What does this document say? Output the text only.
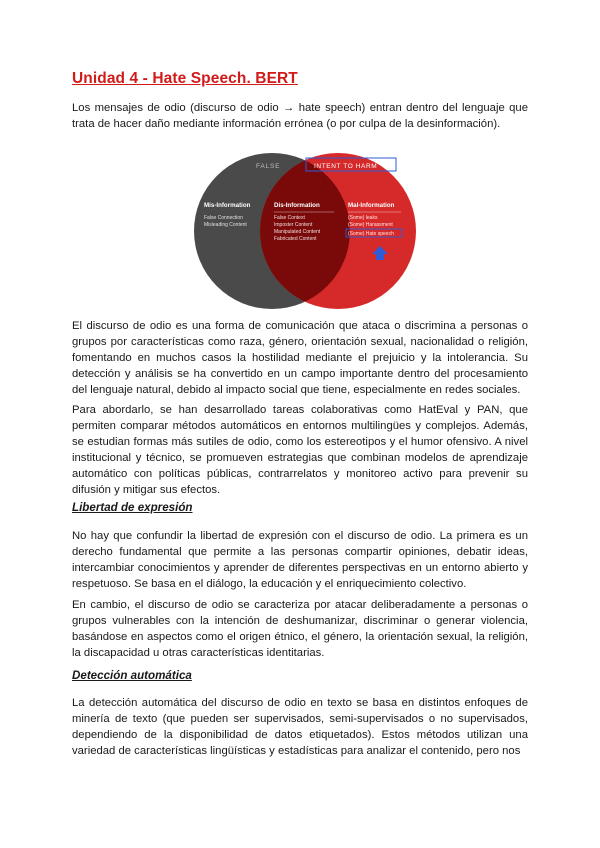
Unidad 4 - Hate Speech. BERT

Los mensajes de odio (discurso de odio → hate speech) entran dentro del lenguaje que trata de hacer daño mediante información errónea (o por culpa de la desinformación).

FALSE	INTENT TO HARM
Mis-Information
False Connection
Misleading Content
Dis-Information
False Context
Imposter Content
Manipulated Content
Fabricated Content
Mal-Information
(Some) leaks
(Some) Harassment
(Some) Hate speech

El discurso de odio es una forma de comunicación que ataca o discrimina a personas o grupos por características como raza, género, orientación sexual, nacionalidad o religión, fomentando en muchos casos la hostilidad mediante el prejuicio y la intolerancia. Su detección y análisis se ha convertido en un campo importante dentro del procesamiento del lenguaje natural, debido al impacto social que tiene, especialmente en redes sociales.

Para abordarlo, se han desarrollado tareas colaborativas como HatEval y PAN, que permiten comparar métodos automáticos en entornos multilingües y complejos. Además, se estudian formas más sutiles de odio, como los estereotipos y el humor ofensivo. A nivel institucional y técnico, se promueven estrategias que combinan modelos de aprendizaje automático con políticas públicas, contrarrelatos y monitoreo activo para prevenir su difusión y mitigar sus efectos.

Libertad de expresión

No hay que confundir la libertad de expresión con el discurso de odio. La primera es un derecho fundamental que permite a las personas compartir opiniones, debatir ideas, intercambiar conocimientos y aprender de diferentes perspectivas en un entorno abierto y respetuoso. Se basa en el diálogo, la educación y el enriquecimiento colectivo.

En cambio, el discurso de odio se caracteriza por atacar deliberadamente a personas o grupos vulnerables con la intención de deshumanizar, discriminar o generar violencia, basándose en aspectos como el origen étnico, el género, la orientación sexual, la religión, la discapacidad u otras características identitarias.

Detección automática

La detección automática del discurso de odio en texto se basa en distintos enfoques de minería de texto (que pueden ser supervisados, semi-supervisados o no supervisados, dependiendo de la disponibilidad de datos etiquetados). Estos métodos utilizan una variedad de características lingüísticas y estadísticas para analizar el contenido, pero nos
